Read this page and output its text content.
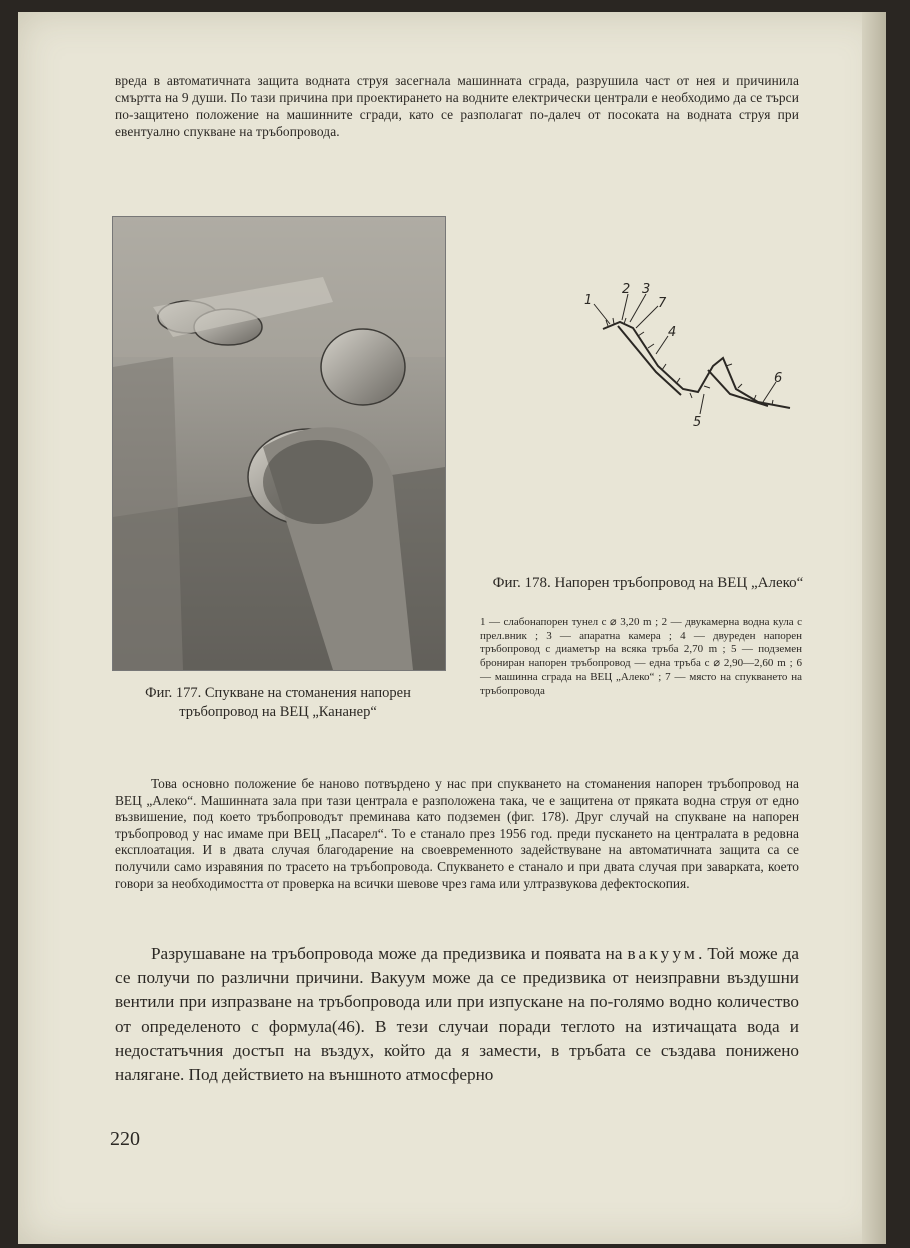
вреда в автоматичната защита водната струя засегнала машинната сграда, разрушила част от нея и причинила смъртта на 9 души. По тази причина при проектирането на водните електрически централи е необходимо да се търси по-защитено положение на машинните сгради, като се разполагат по-далеч от посоката на водната струя при евентуално спукване на тръбопровода.
1
2 3
7
4
5
6
Фиг. 177. Спукване на стоманения напорен тръбопровод на ВЕЦ „Кананер“
Фиг. 178. Напорен тръбопровод на ВЕЦ „Алеко“
1 — слабонапорен тунел с ⌀ 3,20 m ; 2 — двукамерна водна кула с прел.вник ; 3 — апаратна камера ; 4 — двуреден напорен тръбопровод с диаметър на всяка тръба 2,70 m ; 5 — подземен брониран напорен тръбопровод — една тръба с ⌀ 2,90—2,60 m ; 6 — машинна сграда на ВЕЦ „Алеко“ ; 7 — място на спукването на тръбопровода
Това основно положение бе наново потвърдено у нас при спукването на стоманения напорен тръбопровод на ВЕЦ „Алеко“. Машинната зала при тази централа е разположена така, че е защитена от пряката водна струя от едно възвишение, под което тръбопроводът преминава като подземен (фиг. 178). Друг случай на спукване на напорен тръбопровод у нас имаме при ВЕЦ „Пасарел“. То е станало през 1956 год. преди пускането на централата в редовна експлоатация. И в двата случая благодарение на своевременното задействуване на автоматичната защита са се получили само изравяния по трасето на тръбопровода. Спукването е станало и при двата случая при заварката, което говори за необходимостта от проверка на всички шевове чрез гама или ултразвукова дефектоскопия.
Разрушаване на тръбопровода може да предизвика и появата на вакуум. Той може да се получи по различни причини. Вакуум може да се предизвика от неизправни въздушни вентили при изпразване на тръбопровода или при изпускане на по-голямо водно количество от определеното с формула(46). В тези случаи поради теглото на изтичащата вода и недостатъчния достъп на въздух, който да я замести, в тръбата се създава понижено налягане. Под действието на външното атмосферно
220
